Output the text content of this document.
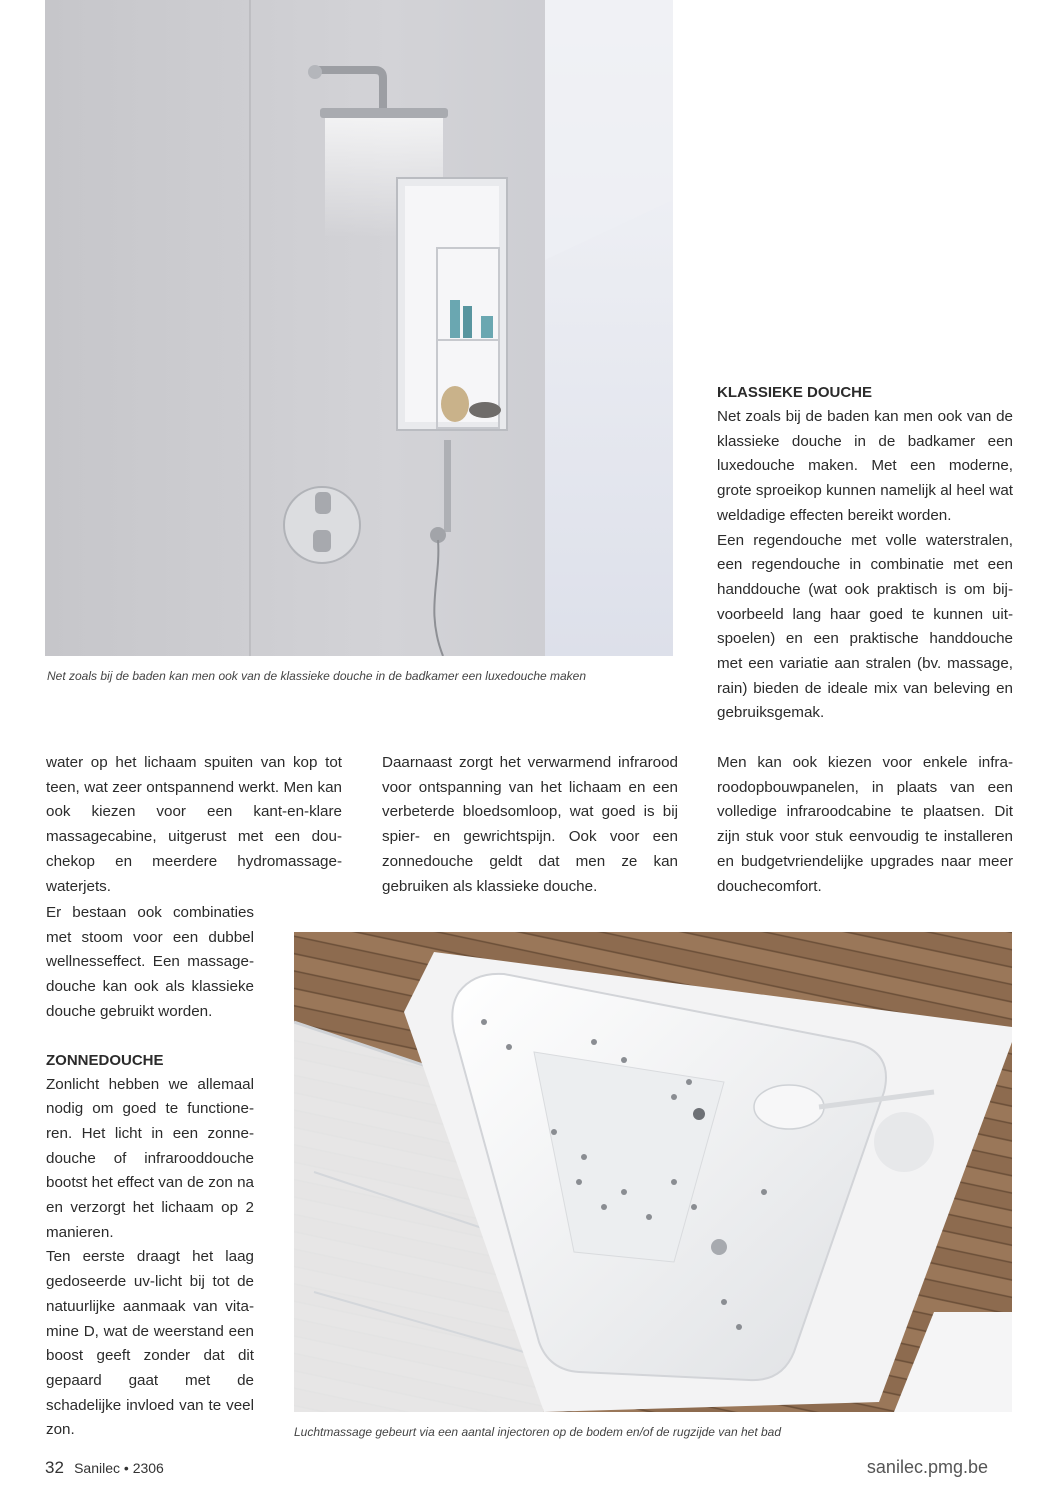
Net zoals bij de baden kan men ook van de klassieke douche in de badkamer een luxedouche maken
KLASSIEKE DOUCHE

Net zoals bij de baden kan men ook van de klassieke douche in de badkamer een luxedouche maken. Met een moderne, grote sproeikop kunnen namelijk al heel wat weldadige effecten bereikt worden.

Een regendouche met volle waterstralen, een regendouche in combinatie met een handdouche (wat ook praktisch is om bijvoorbeeld lang haar goed te kunnen uitspoelen) en een praktische handdouche met een variatie aan stralen (bv. massage, rain) bieden de ideale mix van beleving en gebruiksgemak.

water op het lichaam spuiten van kop tot teen, wat zeer ontspannend werkt. Men kan ook kiezen voor een kant-en-klare massagecabine, uitgerust met een douchekop en meerdere hydromassagewaterjets.

Er bestaan ook combinaties met stoom voor een dubbel wellnesseffect. Een massagedouche kan ook als klassieke douche gebruikt worden.

ZONNEDOUCHE

Zonlicht hebben we allemaal nodig om goed te functioneren. Het licht in een zonnedouche of infrarooddouche bootst het effect van de zon na en verzorgt het lichaam op 2 manieren.

Ten eerste draagt het laag gedoseerde uv-licht bij tot de natuurlijke aanmaak van vitamine D, wat de weerstand een boost geeft zonder dat dit gepaard gaat met de schadelijke invloed van te veel zon.

Daarnaast zorgt het verwarmend infrarood voor ontspanning van het lichaam en een verbeterde bloedsomloop, wat goed is bij spier- en gewrichtspijn. Ook voor een zonnedouche geldt dat men ze kan gebruiken als klassieke douche.

Men kan ook kiezen voor enkele infraroodopbouwpanelen, in plaats van een volledige infraroodcabine te plaatsen. Dit zijn stuk voor stuk eenvoudig te installeren en budgetvriendelijke upgrades naar meer douchecomfort.

Luchtmassage gebeurt via een aantal injectoren op de bodem en/of de rugzijde van het bad
32 Sanilec • 2306	sanilec.pmg.be
